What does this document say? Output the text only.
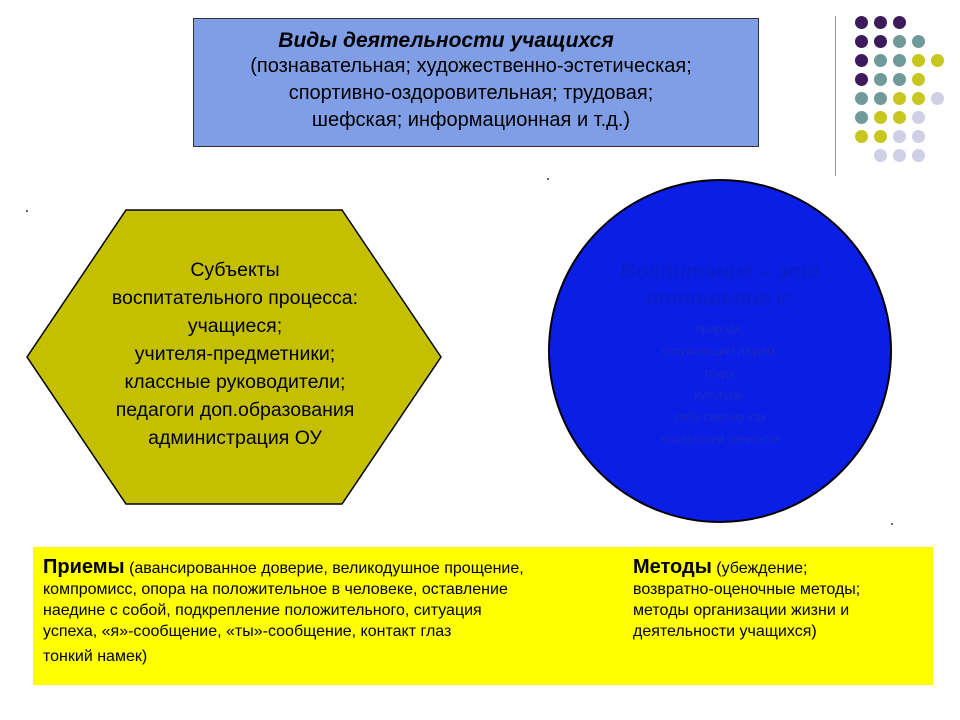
Виды деятельности учащихся
(познавательная; художественно-эстетическая;
спортивно-оздоровительная; трудовая;
шефская; информационная и т.д.)
Субъекты
воспитательного процесса:
учащиеся;
учителя-предметники;
классные руководители;
педагоги доп.образования
администрация ОУ
Воспитание – это
отношение к:
природе,
окружающим людям,
труду,
культуре,
себе самому как
наивысшей ценности
Приемы (авансированное доверие, великодушное прощение,
компромисс, опора на положительное в человеке, оставление
наедине с собой, подкрепление положительного, ситуация
успеха, «я»-сообщение, «ты»-сообщение, контакт глаз
тонкий намек)
Методы (убеждение;
возвратно-оценочные методы;
методы организации жизни и
деятельности учащихся)
